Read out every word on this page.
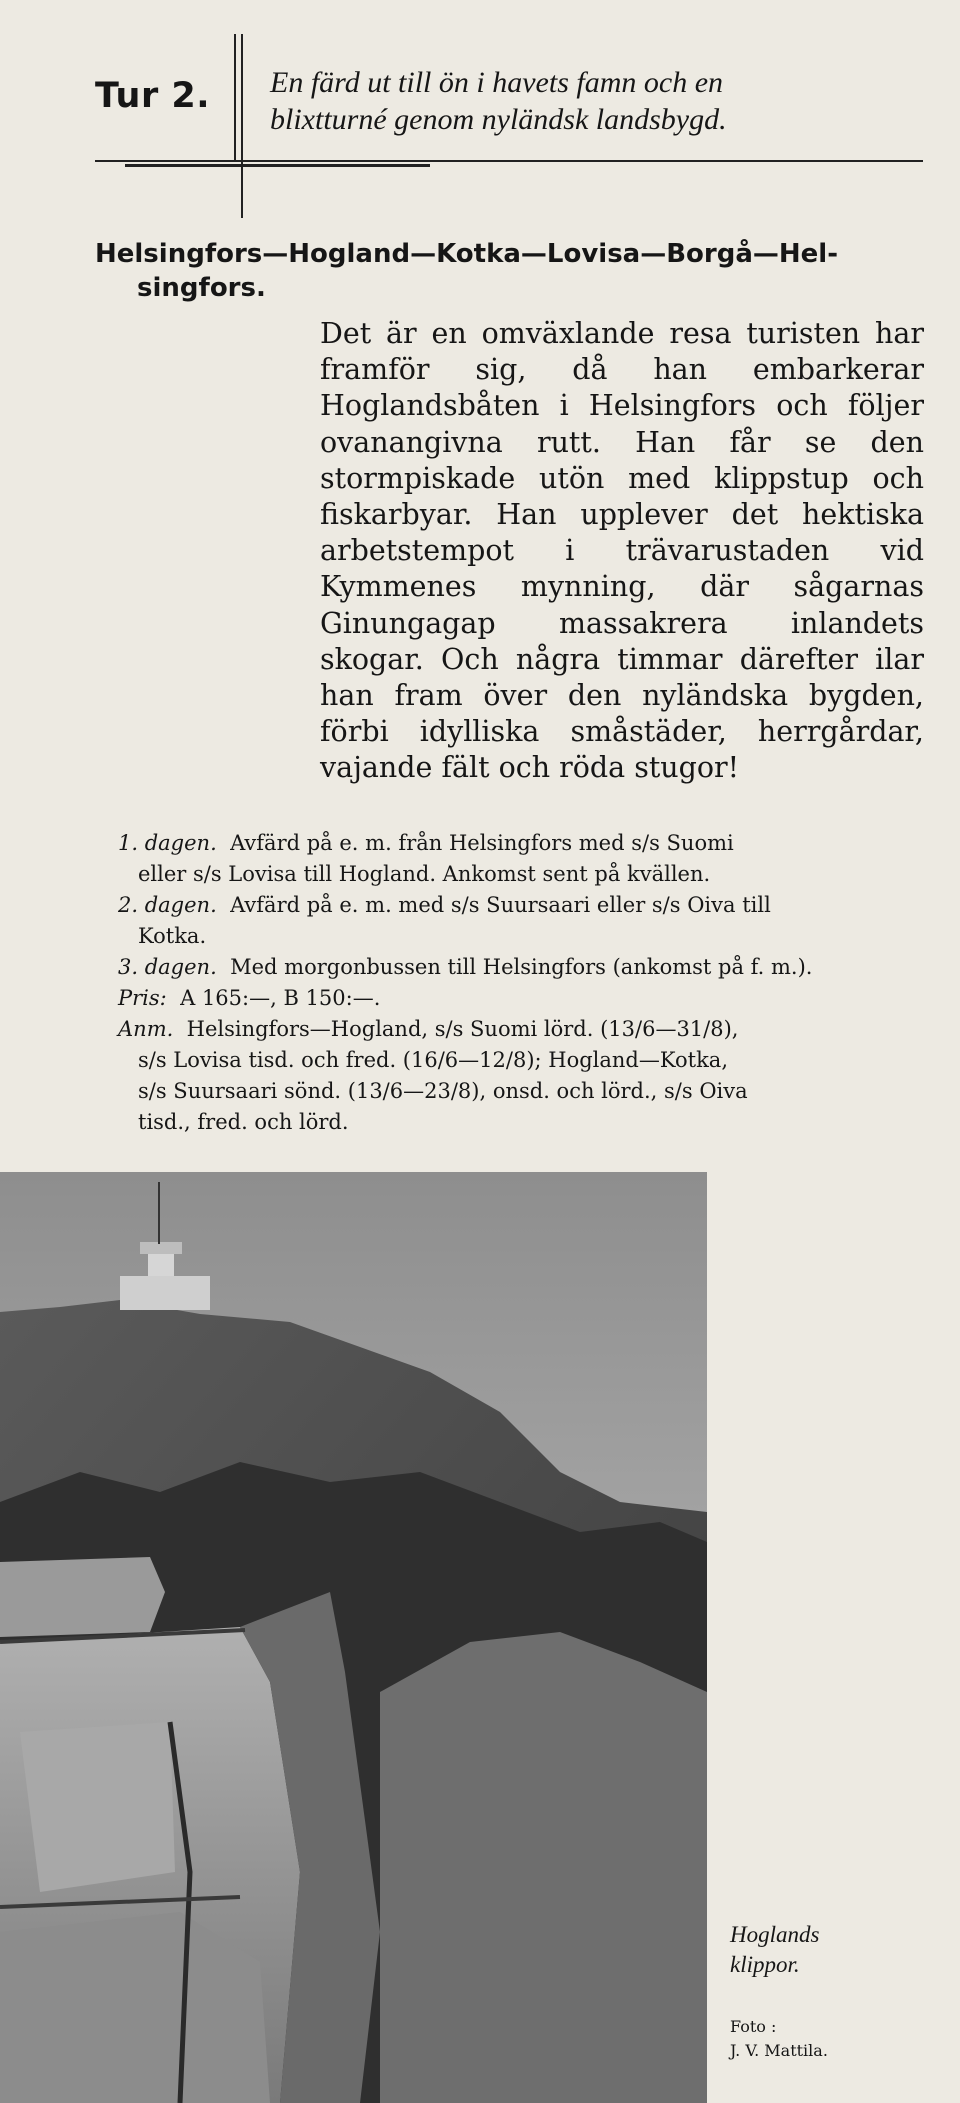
Tur 2. En färd ut till ön i havets famn och en
blixtturné genom nyländsk landsbygd.
Helsingfors—Hogland—Kotka—Lovisa—Borgå—Hel-
singfors.
Det är en omväxlande resa turisten har framför sig, då han embarkerar Hoglandsbåten i Helsingfors och följer ovanangivna rutt. Han får se den stormpiskade utön med klippstup och fiskarbyar. Han upplever det hektiska arbetstempot i trävarustaden vid Kymmenes mynning, där sågarnas Ginungagap massakrera inlandets skogar. Och några timmar därefter ilar han fram över den nyländska bygden, förbi idylliska småstäder, herrgårdar, vajande fält och röda stugor!
1. dagen. Avfärd på e. m. från Helsingfors med s/s Suomi
eller s/s Lovisa till Hogland. Ankomst sent på kvällen.
2. dagen. Avfärd på e. m. med s/s Suursaari eller s/s Oiva till
Kotka.
3. dagen. Med morgonbussen till Helsingfors (ankomst på f. m.).
Pris: A 165:—, B 150:—.
Anm. Helsingfors—Hogland, s/s Suomi lörd. (13/6—31/8),
s/s Lovisa tisd. och fred. (16/6—12/8); Hogland—Kotka,
s/s Suursaari sönd. (13/6—23/8), onsd. och lörd., s/s Oiva
tisd., fred. och lörd.
Hoglands
klippor.
Foto :
J. V. Mattila.
